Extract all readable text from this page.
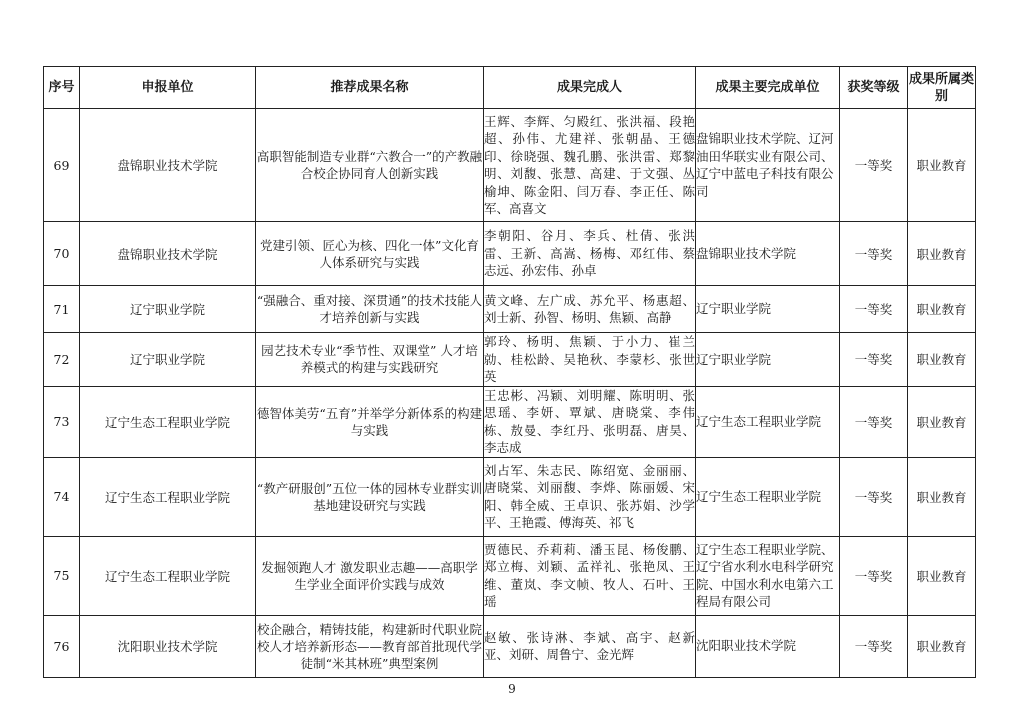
序号	申报单位	推荐成果名称	成果完成人	成果主要完成单位	获奖等级	成果所属类别
69	盘锦职业技术学院	高职智能制造专业群“六教合一”的产教融合校企协同育人创新实践	王辉、李辉、匀殿红、张洪福、段艳超、孙伟、尤建祥、张朝晶、王德印、徐晓强、魏孔鹏、张洪雷、郑黎明、刘馥、张慧、高建、于文强、丛榆坤、陈金阳、闫万春、李正任、陈军、高喜文	盘锦职业技术学院、辽河油田华联实业有限公司、辽宁中蓝电子科技有限公司	一等奖	职业教育
70	盘锦职业技术学院	党建引领、匠心为核、四化一体”文化育人体系研究与实践	李朝阳、谷月、李兵、杜倩、张洪雷、王新、高嵩、杨梅、邓红伟、蔡志远、孙宏伟、孙卓	盘锦职业技术学院	一等奖	职业教育
71	辽宁职业学院	“强融合、重对接、深贯通”的技术技能人才培养创新与实践	黄文峰、左广成、苏允平、杨惠超、刘士新、孙智、杨明、焦颖、高静	辽宁职业学院	一等奖	职业教育
72	辽宁职业学院	园艺技术专业“季节性、双课堂” 人才培养模式的构建与实践研究	郭玲、杨明、焦颖、于小力、崔兰勍、桂松龄、吴艳秋、李蒙杉、张世英	辽宁职业学院	一等奖	职业教育
73	辽宁生态工程职业学院	德智体美劳“五育”并举学分新体系的构建与实践	王忠彬、冯颖、刘明耀、陈明明、张思瑶、李妍、覃斌、唐晓棠、李伟栋、敖曼、李红丹、张明磊、唐昊、李志成	辽宁生态工程职业学院	一等奖	职业教育
74	辽宁生态工程职业学院	“教产研服创”五位一体的园林专业群实训基地建设研究与实践	刘占军、朱志民、陈绍宽、金丽丽、唐晓棠、刘丽馥、李烨、陈丽媛、宋阳、韩全威、王卓识、张苏娟、沙学平、王艳霞、傅海英、祁飞	辽宁生态工程职业学院	一等奖	职业教育
75	辽宁生态工程职业学院	发掘领跑人才 激发职业志趣——高职学生学业全面评价实践与成效	贾德民、乔莉莉、潘玉昆、杨俊鹏、郑立梅、刘颖、孟祥礼、张艳凤、王维、董岚、李文帧、牧人、石叶、王瑶	辽宁生态工程职业学院、辽宁省水利水电科学研究院、中国水利水电第六工程局有限公司	一等奖	职业教育
76	沈阳职业技术学院	校企融合，精铸技能，构建新时代职业院校人才培养新形态——教育部首批现代学徒制“米其林班”典型案例	赵敏、张诗淋、李斌、高宇、赵新亚、刘研、周鲁宁、金光辉	沈阳职业技术学院	一等奖	职业教育
9
